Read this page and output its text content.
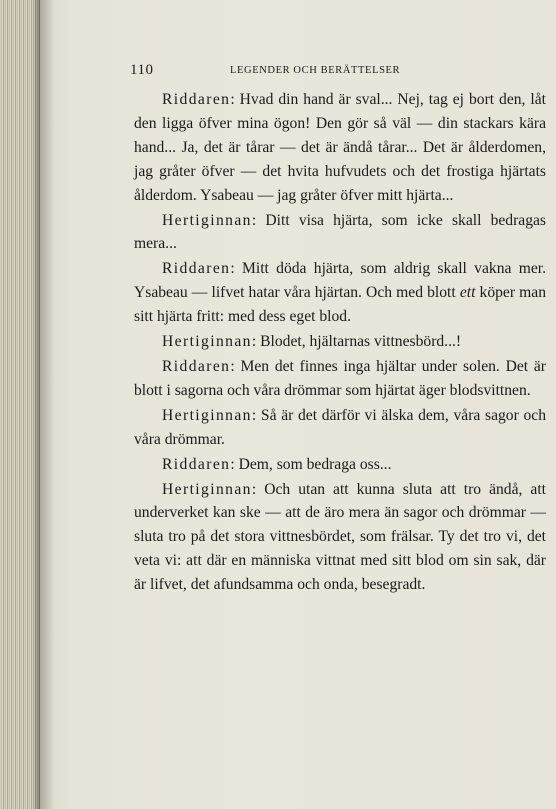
110	LEGENDER OCH BERÄTTELSER

Riddaren: Hvad din hand är sval... Nej, tag ej bort den, låt den ligga öfver mina ögon! Den gör så väl — din stackars kära hand... Ja, det är tårar — det är ändå tårar... Det är ålderdomen, jag gråter öfver — det hvita hufvudets och det frostiga hjärtats ålderdom. Ysabeau — jag gråter öfver mitt hjärta...

Hertiginnan: Ditt visa hjärta, som icke skall bedragas mera...

Riddaren: Mitt döda hjärta, som aldrig skall vakna mer. Ysabeau — lifvet hatar våra hjärtan. Och med blott ett köper man sitt hjärta fritt: med dess eget blod.

Hertiginnan: Blodet, hjältarnas vittnesbörd...!

Riddaren: Men det finnes inga hjältar under solen. Det är blott i sagorna och våra drömmar som hjärtat äger blodsvittnen.

Hertiginnan: Så är det därför vi älska dem, våra sagor och våra drömmar.

Riddaren: Dem, som bedraga oss...

Hertiginnan: Och utan att kunna sluta att tro ändå, att underverket kan ske — att de äro mera än sagor och drömmar — sluta tro på det stora vittnesbördet, som frälsar. Ty det tro vi, det veta vi: att där en människa vittnat med sitt blod om sin sak, där är lifvet, det afundsamma och onda, besegradt.
